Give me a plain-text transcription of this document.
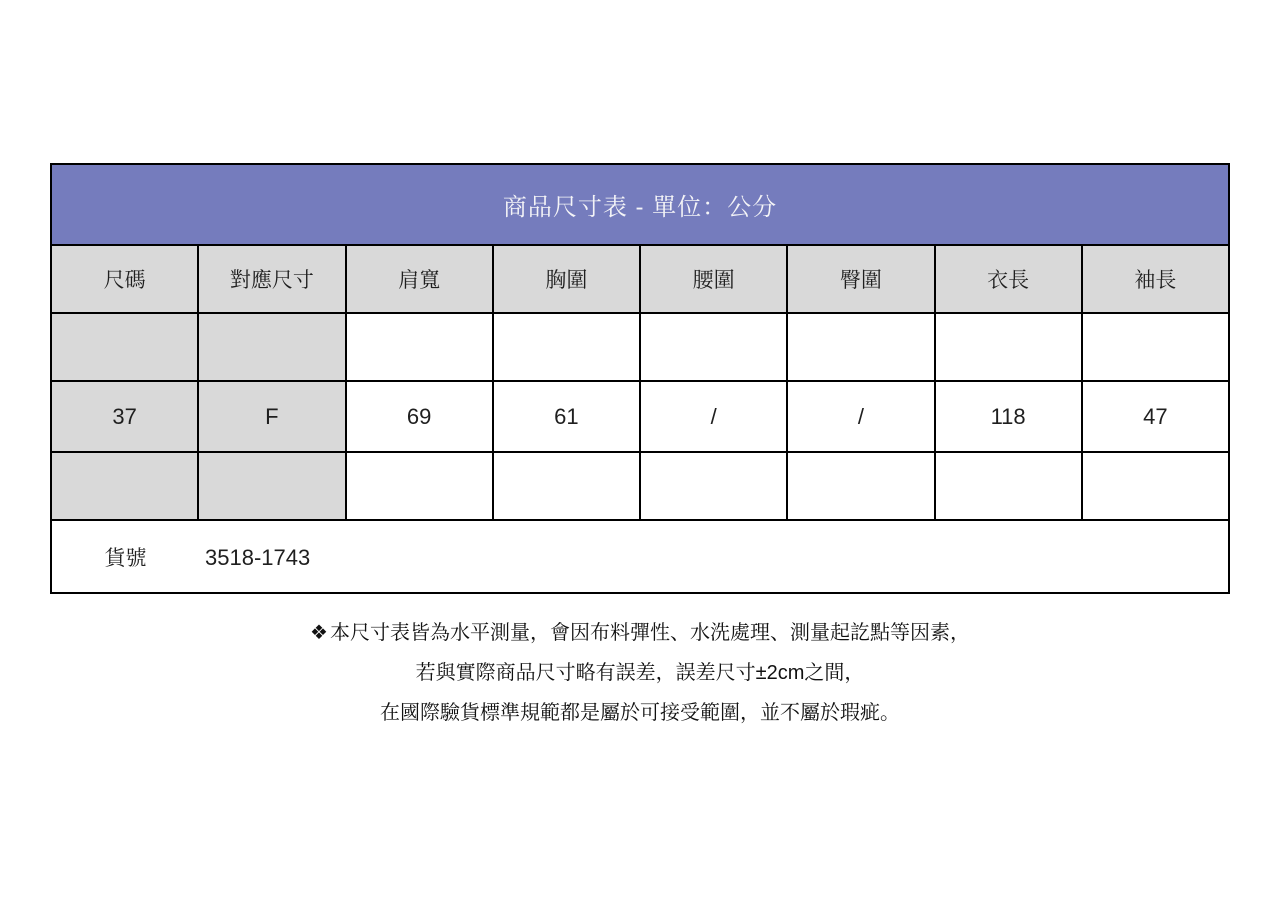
商品尺寸表 - 單位：公分							
尺碼	對應尺寸	肩寬	胸圍	腰圍	臀圍	衣長	袖長

37	F	69	61	/	/	118	47

貨號 3518-1743							
❖ 本尺寸表皆為水平測量，會因布料彈性、水洗處理、測量起訖點等因素，
若與實際商品尺寸略有誤差，誤差尺寸±2cm之間，
在國際驗貨標準規範都是屬於可接受範圍，並不屬於瑕疵。
